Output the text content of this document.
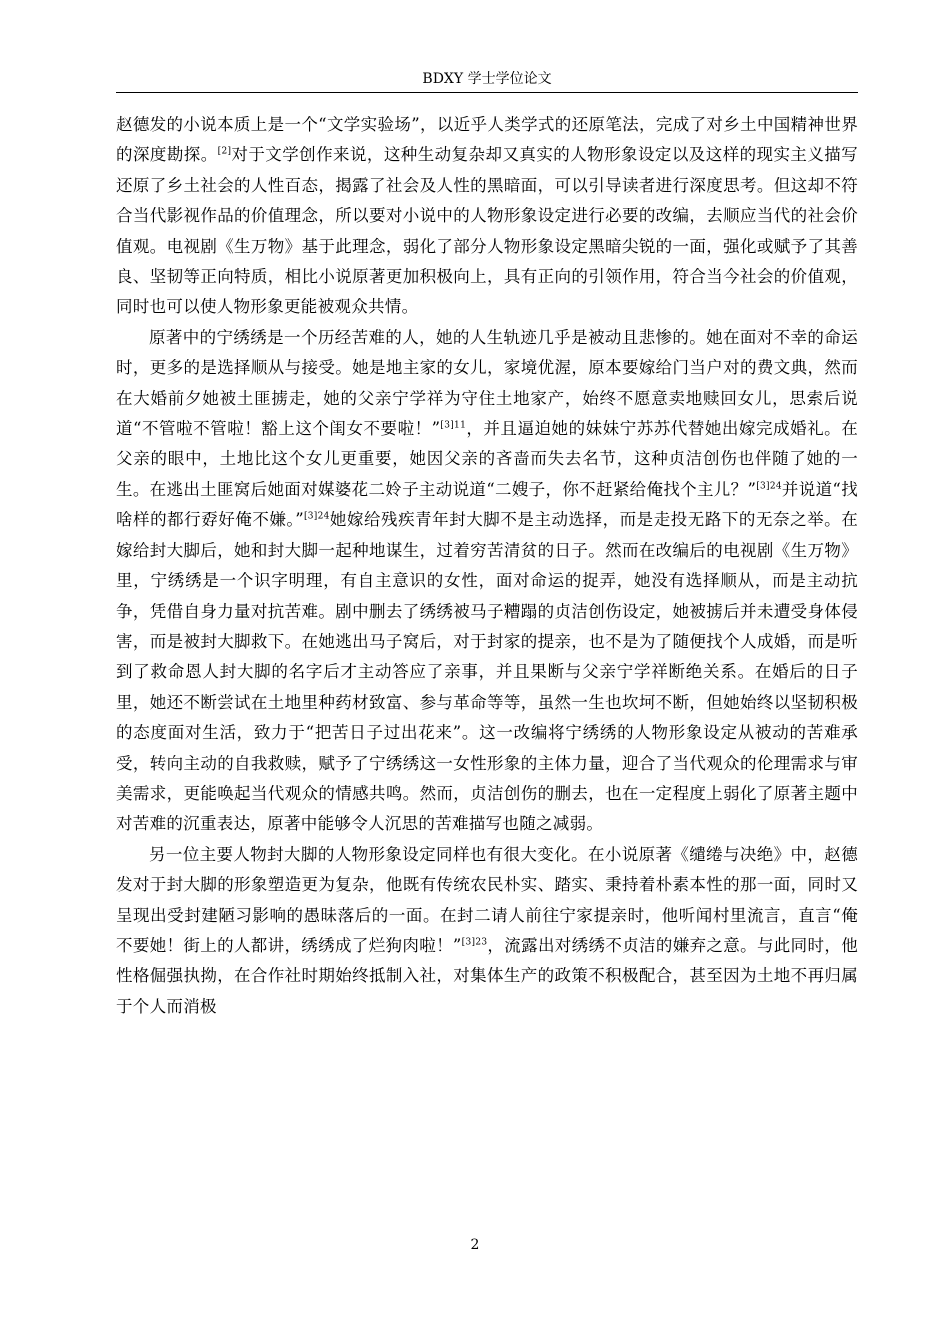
BDXY 学士学位论文

赵德发的小说本质上是一个“文学实验场”，以近乎人类学式的还原笔法，完成了对乡土中国精神世界的深度勘探。[2]对于文学创作来说，这种生动复杂却又真实的人物形象设定以及这样的现实主义描写还原了乡土社会的人性百态，揭露了社会及人性的黑暗面，可以引导读者进行深度思考。但这却不符合当代影视作品的价值理念，所以要对小说中的人物形象设定进行必要的改编，去顺应当代的社会价值观。电视剧《生万物》基于此理念，弱化了部分人物形象设定黑暗尖锐的一面，强化或赋予了其善良、坚韧等正向特质，相比小说原著更加积极向上，具有正向的引领作用，符合当今社会的价值观，同时也可以使人物形象更能被观众共情。

原著中的宁绣绣是一个历经苦难的人，她的人生轨迹几乎是被动且悲惨的。她在面对不幸的命运时，更多的是选择顺从与接受。她是地主家的女儿，家境优渥，原本要嫁给门当户对的费文典，然而在大婚前夕她被土匪掳走，她的父亲宁学祥为守住土地家产，始终不愿意卖地赎回女儿，思索后说道“不管啦不管啦！豁上这个闺女不要啦！”$^{[3]11}$，并且逼迫她的妹妹宁苏苏代替她出嫁完成婚礼。在父亲的眼中，土地比这个女儿更重要，她因父亲的吝啬而失去名节，这种贞洁创伤也伴随了她的一生。在逃出土匪窝后她面对媒婆花二姈子主动说道“二嫂子，你不赶紧给俺找个主儿？”$^{[3]24}$并说道“找啥样的都行孬好俺不嫌。”$^{[3]24}$她嫁给残疾青年封大脚不是主动选择，而是走投无路下的无奈之举。在嫁给封大脚后，她和封大脚一起种地谋生，过着穷苦清贫的日子。然而在改编后的电视剧《生万物》里，宁绣绣是一个识字明理，有自主意识的女性，面对命运的捉弄，她没有选择顺从，而是主动抗争，凭借自身力量对抗苦难。剧中删去了绣绣被马子糟蹋的贞洁创伤设定，她被掳后并未遭受身体侵害，而是被封大脚救下。在她逃出马子窝后，对于封家的提亲，也不是为了随便找个人成婚，而是听到了救命恩人封大脚的名字后才主动答应了亲事，并且果断与父亲宁学祥断绝关系。在婚后的日子里，她还不断尝试在土地里种药材致富、参与革命等等，虽然一生也坎坷不断，但她始终以坚韧积极的态度面对生活，致力于“把苦日子过出花来”。这一改编将宁绣绣的人物形象设定从被动的苦难承受，转向主动的自我救赎，赋予了宁绣绣这一女性形象的主体力量，迎合了当代观众的伦理需求与审美需求，更能唤起当代观众的情感共鸣。然而，贞洁创伤的删去，也在一定程度上弱化了原著主题中对苦难的沉重表达，原著中能够令人沉思的苦难描写也随之减弱。

另一位主要人物封大脚的人物形象设定同样也有很大变化。在小说原著《缱绻与决绝》中，赵德发对于封大脚的形象塑造更为复杂，他既有传统农民朴实、踏实、秉持着朴素本性的那一面，同时又呈现出受封建陋习影响的愚昧落后的一面。在封二请人前往宁家提亲时，他听闻村里流言，直言“俺不要她！街上的人都讲，绣绣成了烂狗肉啦！”$^{[3]23}$，流露出对绣绣不贞洁的嫌弃之意。与此同时，他性格倔强执拗，在合作社时期始终抵制入社，对集体生产的政策不积极配合，甚至因为土地不再归属于个人而消极

2
